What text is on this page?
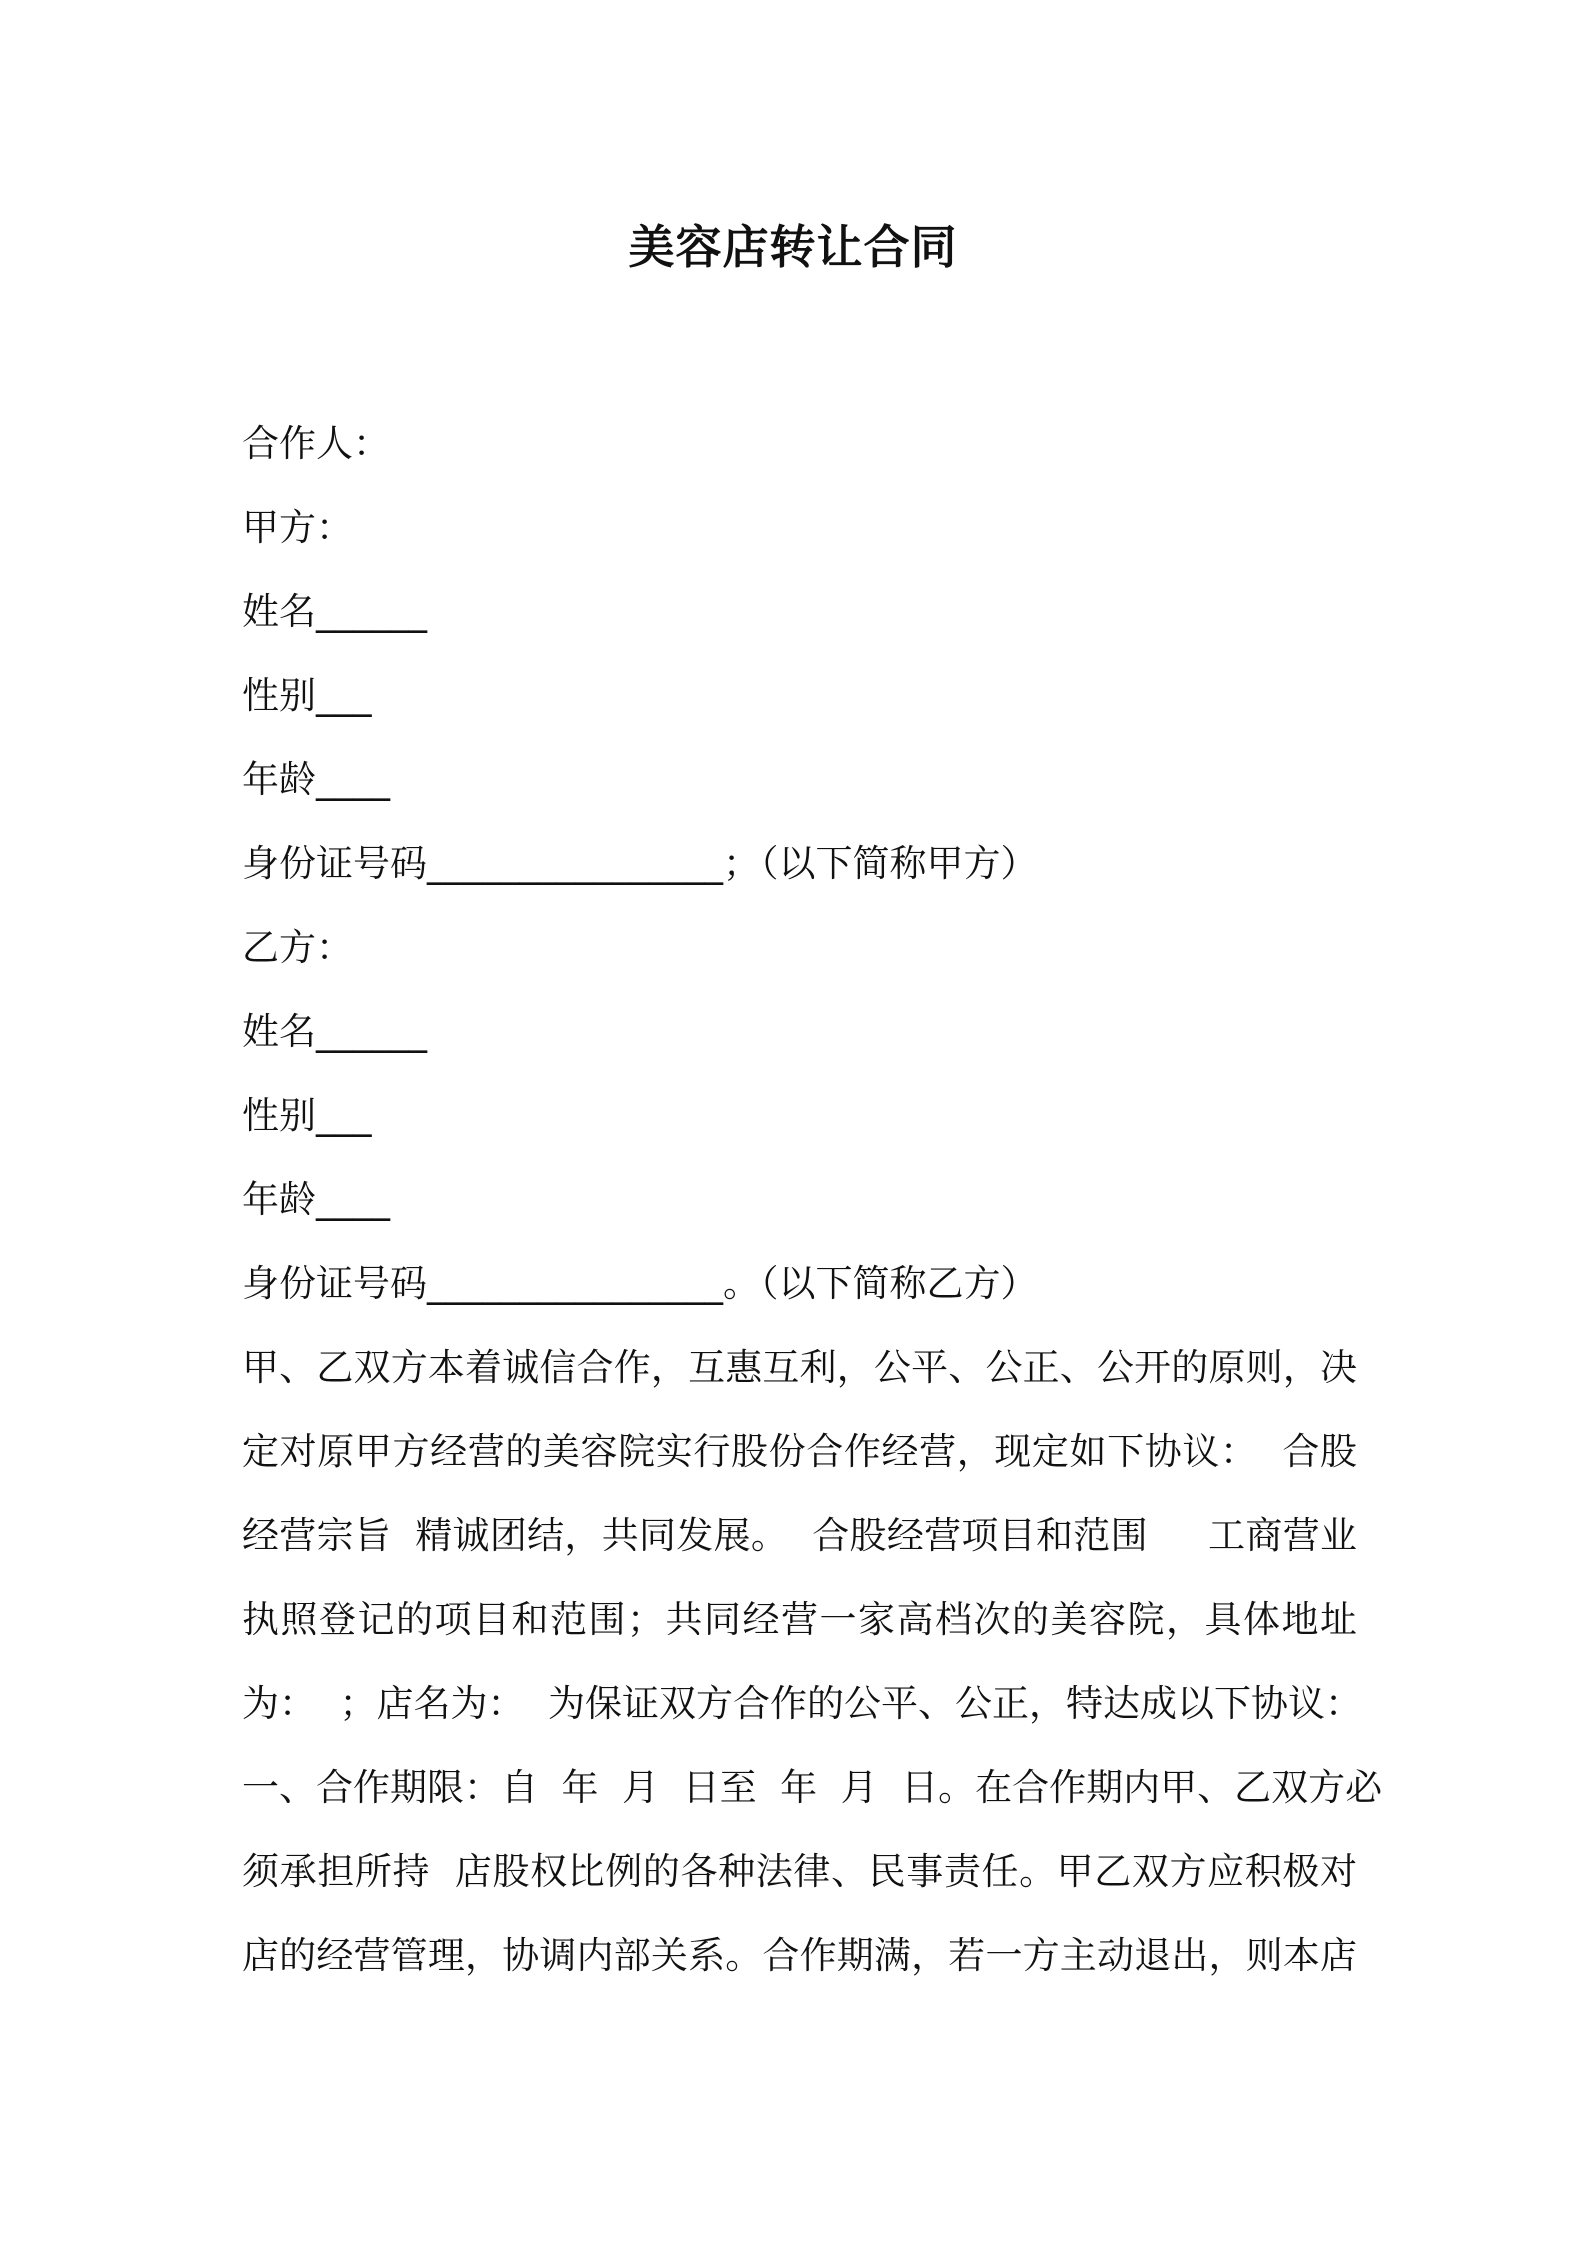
美容店转让合同
合作人：
甲方：
姓名______
性别___
年龄____
身份证号码________________；（以下简称甲方）
乙方：
姓名______
性别___
年龄____
身份证号码________________。（以下简称乙方）
甲、乙双方本着诚信合作，互惠互利，公平、公正、公开的原则，决
定对原甲方经营的美容院实行股份合作经营，现定如下协议：  合股
经营宗旨  精诚团结，共同发展。  合股经营项目和范围     工商营业
执照登记的项目和范围；共同经营一家高档次的美容院，具体地址
为：  ；店名为：  为保证双方合作的公平、公正，特达成以下协议：
一、合作期限：自  年  月  日至  年  月  日。在合作期内甲、乙双方必
须承担所持  店股权比例的各种法律、民事责任。甲乙双方应积极对
店的经营管理，协调内部关系。合作期满，若一方主动退出，则本店
